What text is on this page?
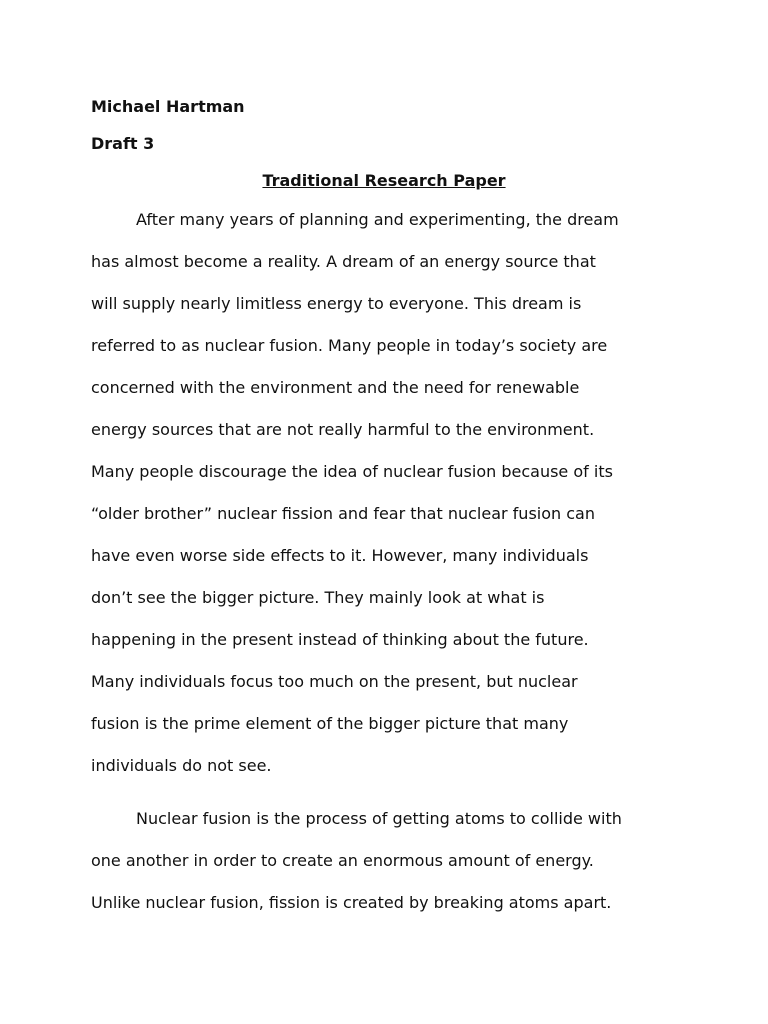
Michael Hartman
Draft 3
Traditional Research Paper

After many years of planning and experimenting, the dream
has almost become a reality. A dream of an energy source that
will supply nearly limitless energy to everyone. This dream is
referred to as nuclear fusion. Many people in today’s society are
concerned with the environment and the need for renewable
energy sources that are not really harmful to the environment.
Many people discourage the idea of nuclear fusion because of its
“older brother” nuclear fission and fear that nuclear fusion can
have even worse side effects to it. However, many individuals
don’t see the bigger picture. They mainly look at what is
happening in the present instead of thinking about the future.
Many individuals focus too much on the present, but nuclear
fusion is the prime element of the bigger picture that many
individuals do not see.

Nuclear fusion is the process of getting atoms to collide with
one another in order to create an enormous amount of energy.
Unlike nuclear fusion, fission is created by breaking atoms apart.
